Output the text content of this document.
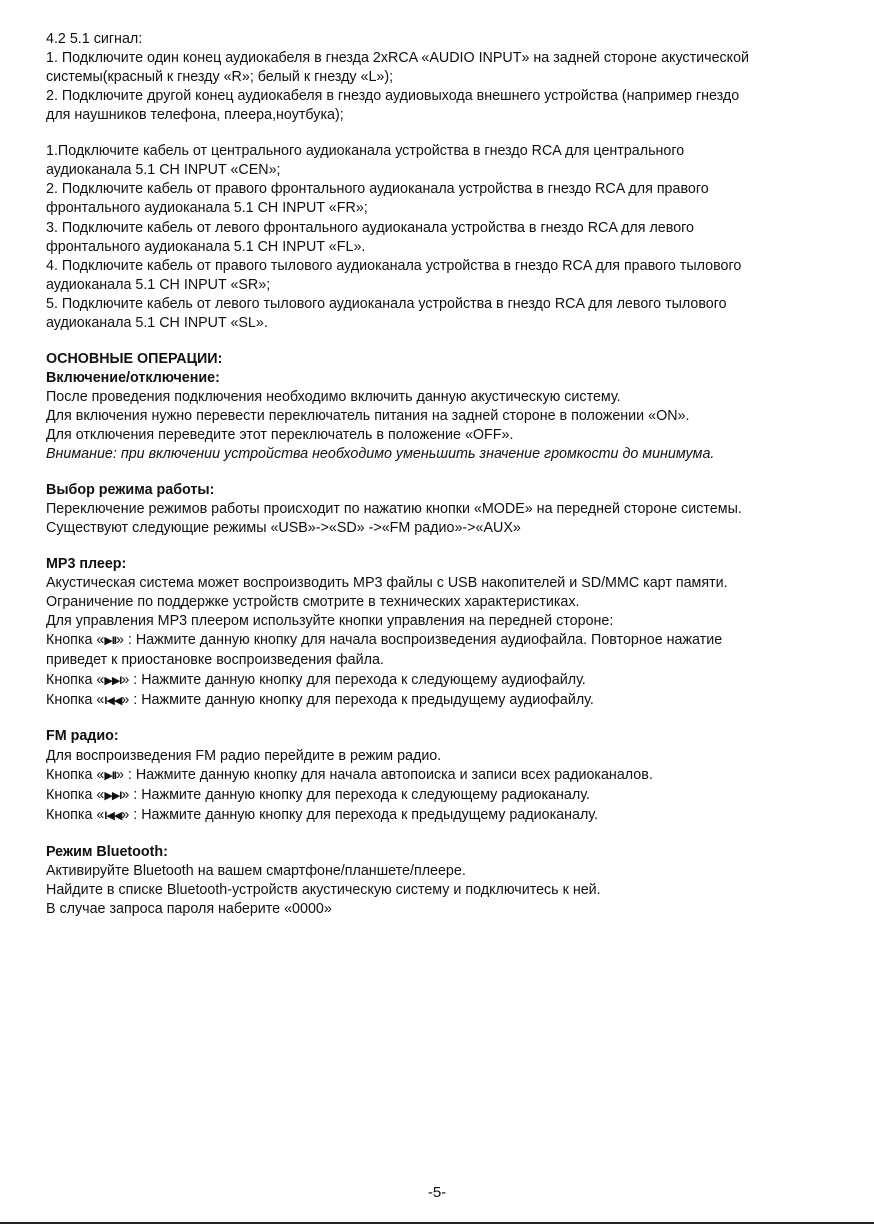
4.2 5.1 сигнал:
1. Подключите один конец аудиокабеля в гнезда 2xRCA «AUDIO INPUT» на задней стороне акустической
системы(красный к гнезду «R»; белый к гнезду «L»);
2. Подключите другой конец аудиокабеля в гнездо аудиовыхода внешнего устройства (например гнездо
для наушников телефона, плеера,ноутбука);
1.Подключите кабель от центрального аудиоканала устройства в гнездо RCA для центрального
аудиоканала 5.1 CH INPUT «CEN»;
2. Подключите кабель от правого фронтального аудиоканала устройства в гнездо RCA для правого
фронтального аудиоканала 5.1 CH INPUT «FR»;
3. Подключите кабель от левого фронтального аудиоканала устройства в гнездо RCA для левого
фронтального аудиоканала 5.1 CH INPUT «FL».
4. Подключите кабель от правого тылового аудиоканала устройства в гнездо RCA для правого тылового
аудиоканала 5.1 CH INPUT «SR»;
5. Подключите кабель от левого тылового аудиоканала устройства в гнездо RCA для левого тылового
аудиоканала 5.1 CH INPUT «SL».
ОСНОВНЫЕ ОПЕРАЦИИ:
Включение/отключение:
После проведения подключения необходимо включить данную акустическую систему.
Для включения нужно перевести переключатель питания на задней стороне в положении «ON».
Для отключения переведите этот переключатель в положение «OFF».
Внимание: при включении устройства необходимо уменьшить значение громкости до минимума.
Выбор режима работы:
Переключение режимов работы происходит по нажатию кнопки «MODE» на передней стороне системы.
Существуют следующие режимы «USB»->«SD» ->«FM радио»->«AUX»
MP3 плеер:
Акустическая система может воспроизводить MP3 файлы с USB накопителей и SD/MMC карт памяти.
Ограничение по поддержке устройств смотрите в технических характеристиках.
Для управления MP3 плеером используйте кнопки управления на передней стороне:
Кнопка «▶II» : Нажмите данную кнопку для начала воспроизведения аудиофайла. Повторное нажатие
приведет к приостановке воспроизведения файла.
Кнопка «▶▶I» : Нажмите данную кнопку для перехода к следующему аудиофайлу.
Кнопка «I◀◀» : Нажмите данную кнопку для перехода к предыдущему аудиофайлу.
FM радио:
Для воспроизведения FM радио перейдите в режим радио.
Кнопка «▶II» : Нажмите данную кнопку для начала автопоиска и записи всех радиоканалов.
Кнопка «▶▶I» : Нажмите данную кнопку для перехода к следующему радиоканалу.
Кнопка «I◀◀» : Нажмите данную кнопку для перехода к предыдущему радиоканалу.
Режим Bluetooth:
Активируйте Bluetooth на вашем смартфоне/планшете/плеере.
Найдите в списке Bluetooth-устройств акустическую систему и подключитесь к ней.
В случае запроса пароля наберите «0000»
-5-
